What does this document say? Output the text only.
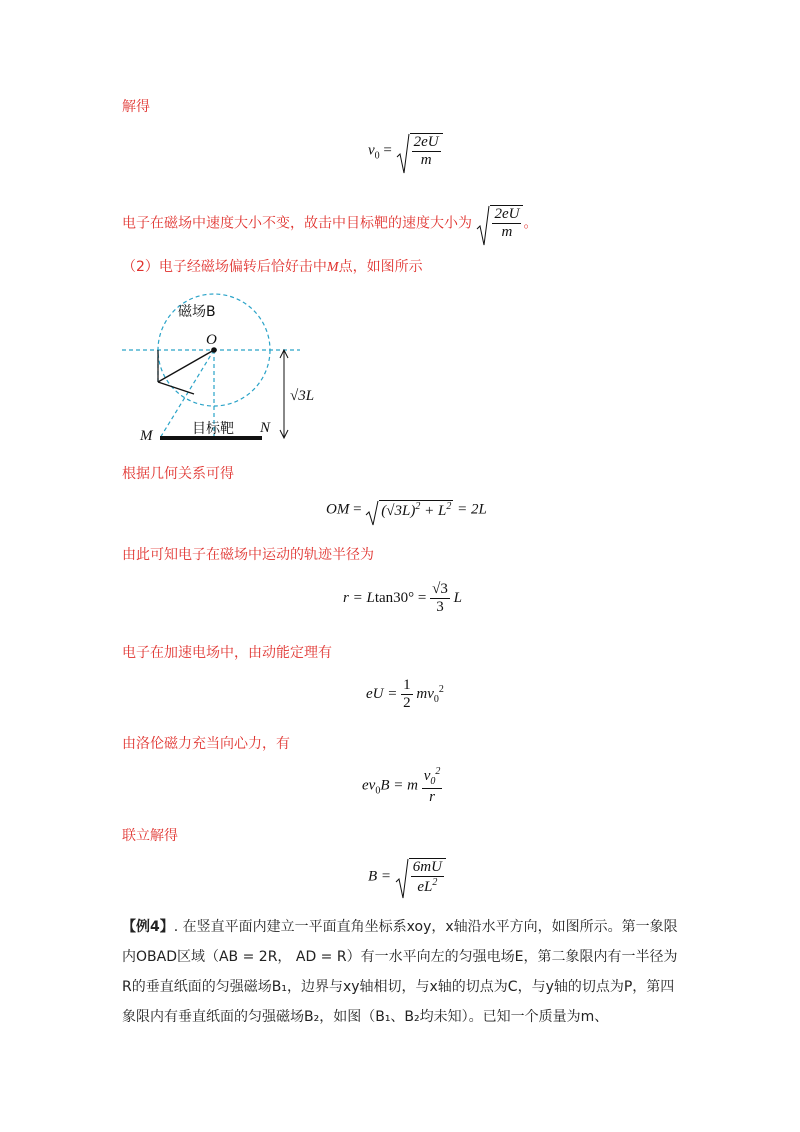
解得
$v_0 = \frac{2eU}{m}$
电子在磁场中速度大小不变，故击中目标靶的速度大小为 $\frac{2eU}{m}$ 。
（2）电子经磁场偏转后恰好击中M点，如图所示
磁场B
O
√3L
目标靶
M	N
根据几何关系可得
OM =
$(√3L)^2 + L^2 = 2L$
由此可知电子在磁场中运动的轨迹半径为
$r = Ltan30^\circ = \frac{√3}{3}$ L
电子在加速电场中，由动能定理有
eU = $\frac{1}{2} mv_0^2$
由洛伦磁力充当向心力，有
$ev_0B = m \frac{v_0^2}{r}$
联立解得
$B = \frac{6mU}{eL^2}$
【例4】. 在竖直平面内建立一平面直角坐标系xoy，x轴沿水平方向，如图所示。第一象限内OBAD区域（AB = 2R， AD = R）有一水平向左的匀强电场E，第二象限内有一半径为R的垂直纸面的匀强磁场B₁，边界与xy轴相切，与x轴的切点为C，与y轴的切点为P，第四象限内有垂直纸面的匀强磁场B₂，如图（B₁、B₂均未知）。已知一个质量为m、
